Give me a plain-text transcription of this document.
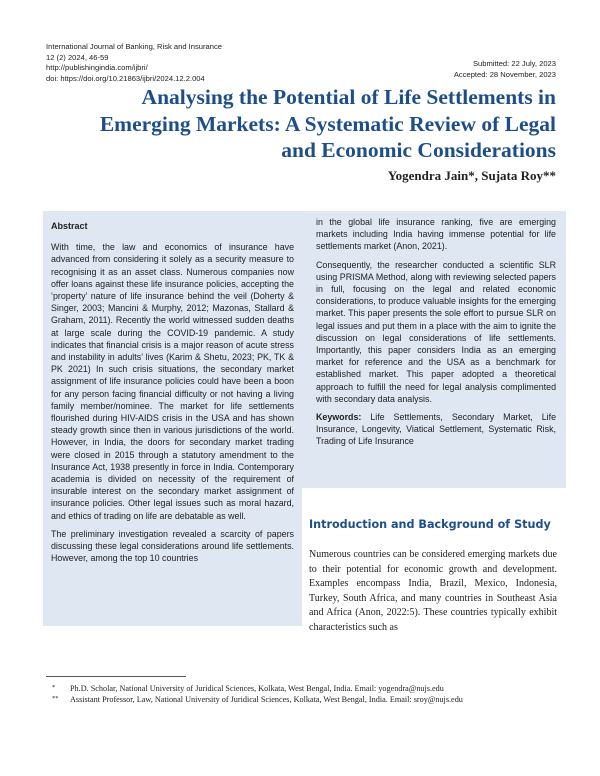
International Journal of Banking, Risk and Insurance
12 (2) 2024, 46-59
http://publishingindia.com/ijbri/
doi: https://doi.org/10.21863/ijbri/2024.12.2.004
Submitted: 22 July, 2023
Accepted: 28 November, 2023
Analysing the Potential of Life Settlements in
Emerging Markets: A Systematic Review of Legal
and Economic Considerations
Yogendra Jain*, Sujata Roy**
Abstract

With time, the law and economics of insurance have advanced from considering it solely as a security measure to recognising it as an asset class. Numerous companies now offer loans against these life insurance policies, accepting the ‘property’ nature of life insurance behind the veil (Doherty & Singer, 2003; Mancini & Murphy, 2012; Mazonas, Stallard & Graham, 2011). Recently the world witnessed sudden deaths at large scale during the COVID-19 pandemic. A study indicates that financial crisis is a major reason of acute stress and instability in adults’ lives (Karim & Shetu, 2023; PK, TK & PK 2021) In such crisis situations, the secondary market assignment of life insurance policies could have been a boon for any person facing financial difficulty or not having a living family member/nominee. The market for life settlements flourished during HIV-AIDS crisis in the USA and has shown steady growth since then in various jurisdictions of the world. However, in India, the doors for secondary market trading were closed in 2015 through a statutory amendment to the Insurance Act, 1938 presently in force in India. Contemporary academia is divided on necessity of the requirement of insurable interest on the secondary market assignment of insurance policies. Other legal issues such as moral hazard, and ethics of trading on life are debatable as well.

The preliminary investigation revealed a scarcity of papers discussing these legal considerations around life settlements. However, among the top 10 countries

in the global life insurance ranking, five are emerging markets including India having immense potential for life settlements market (Anon, 2021).

Consequently, the researcher conducted a scientific SLR using PRISMA Method, along with reviewing selected papers in full, focusing on the legal and related economic considerations, to produce valuable insights for the emerging market. This paper presents the sole effort to pursue SLR on legal issues and put them in a place with the aim to ignite the discussion on legal considerations of life settlements. Importantly, this paper considers India as an emerging market for reference and the USA as a benchmark for established market. This paper adopted a theoretical approach to fulfill the need for legal analysis complimented with secondary data analysis.

Keywords: Life Settlements, Secondary Market, Life Insurance, Longevity, Viatical Settlement, Systematic Risk, Trading of Life Insurance

Introduction and Background of Study
Numerous countries can be considered emerging markets due to their potential for economic growth and development. Examples encompass India, Brazil, Mexico, Indonesia, Turkey, South Africa, and many countries in Southeast Asia and Africa (Anon, 2022:5). These countries typically exhibit characteristics such as
*	Ph.D. Scholar, National University of Juridical Sciences, Kolkata, West Bengal, India. Email: yogendra@nujs.edu
**	Assistant Professor, Law, National University of Juridical Sciences, Kolkata, West Bengal, India. Email: sroy@nujs.edu
